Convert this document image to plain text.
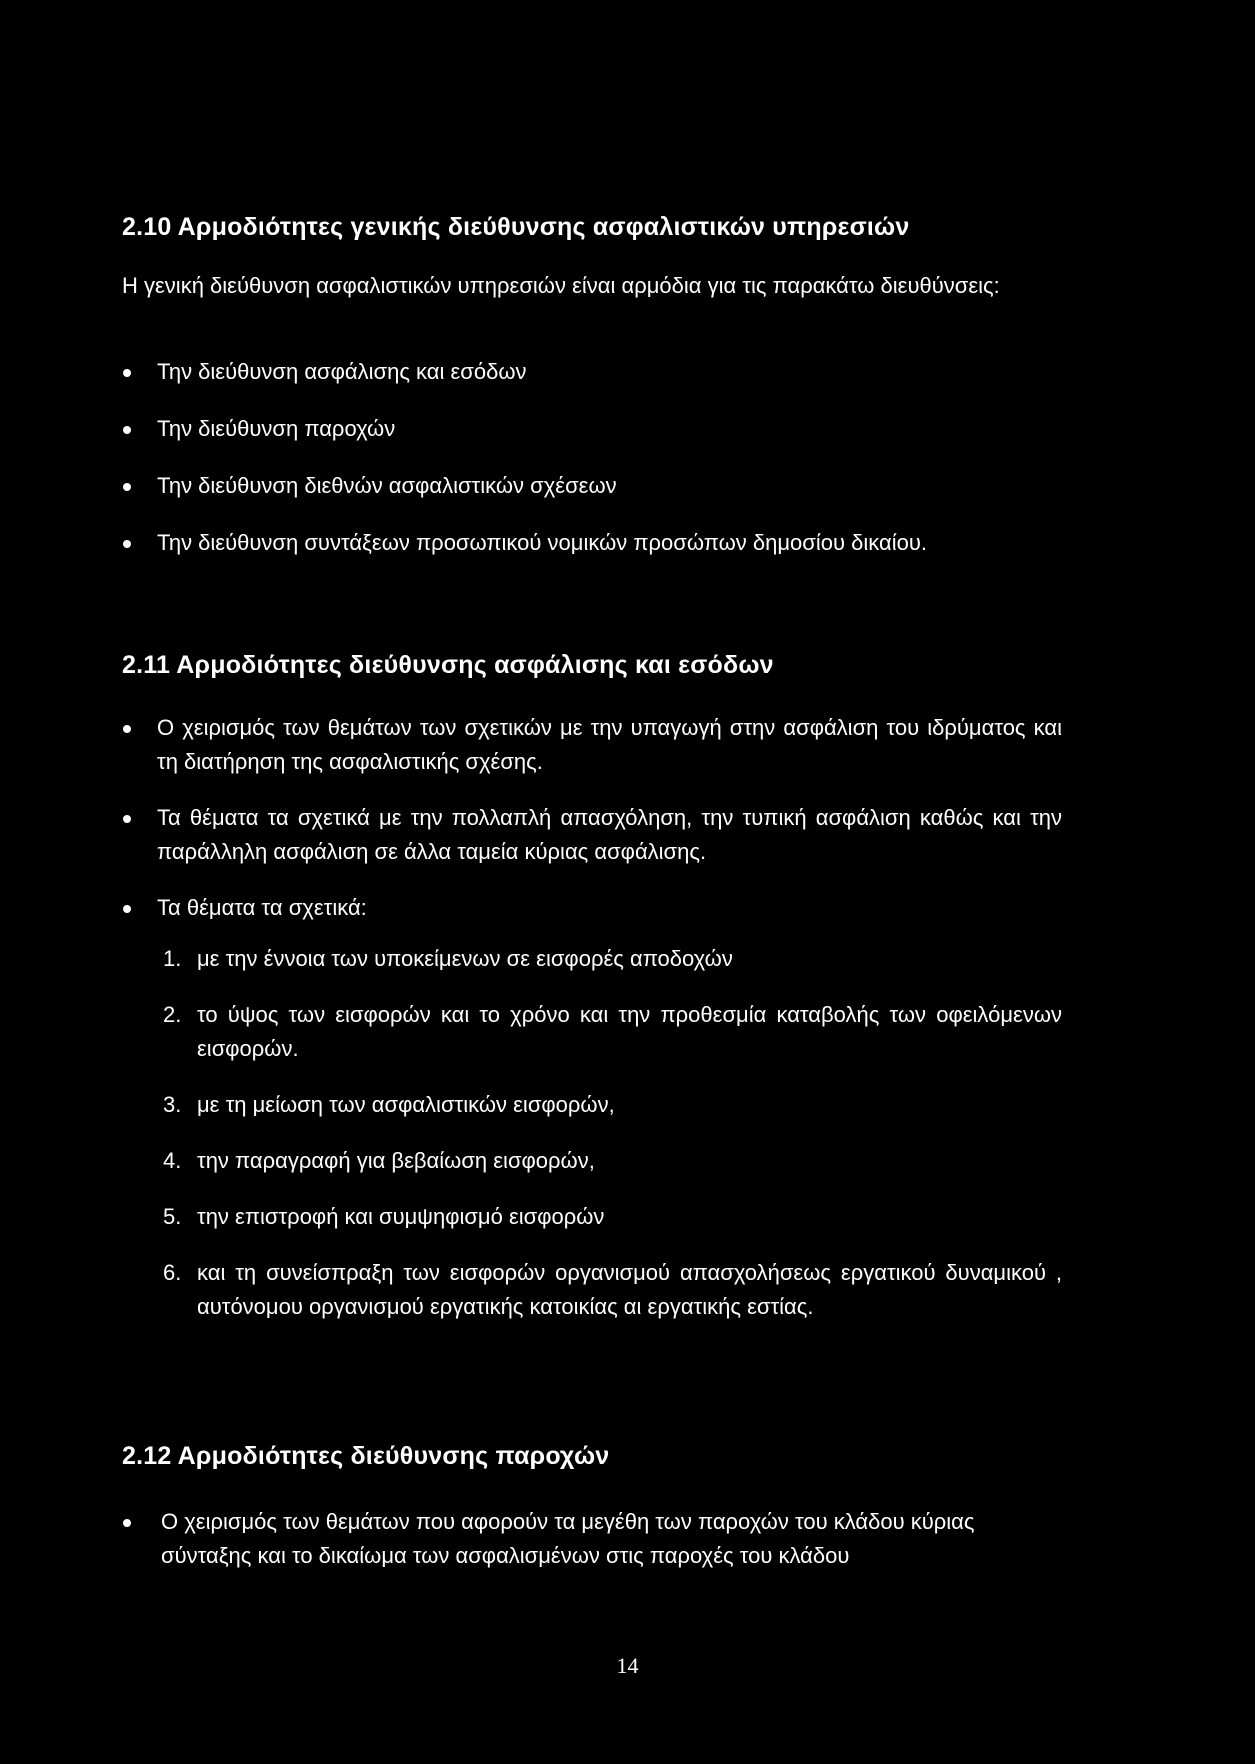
2.10 Αρμοδιότητες γενικής διεύθυνσης ασφαλιστικών υπηρεσιών
Η γενική διεύθυνση ασφαλιστικών υπηρεσιών είναι αρμόδια για τις παρακάτω διευθύνσεις:
Την διεύθυνση ασφάλισης και εσόδων
Την διεύθυνση παροχών
Την διεύθυνση διεθνών ασφαλιστικών σχέσεων
Την διεύθυνση συντάξεων προσωπικού νομικών προσώπων δημοσίου δικαίου.
2.11 Αρμοδιότητες διεύθυνσης ασφάλισης και εσόδων
Ο χειρισμός των θεμάτων των σχετικών με την υπαγωγή στην ασφάλιση του ιδρύματος και τη διατήρηση της ασφαλιστικής σχέσης.
Τα θέματα τα σχετικά με την πολλαπλή απασχόληση, την τυπική ασφάλιση καθώς και την παράλληλη ασφάλιση σε άλλα ταμεία κύριας ασφάλισης.
Τα θέματα τα σχετικά:
1. με την έννοια των υποκείμενων σε εισφορές αποδοχών
2. το ύψος των εισφορών και το χρόνο και την προθεσμία καταβολής των οφειλόμενων εισφορών.
3. με τη μείωση των ασφαλιστικών εισφορών,
4. την παραγραφή για βεβαίωση εισφορών,
5. την επιστροφή και συμψηφισμό εισφορών
6. και τη συνείσπραξη των εισφορών οργανισμού απασχολήσεως εργατικού δυναμικού , αυτόνομου οργανισμού εργατικής κατοικίας αι εργατικής εστίας.
2.12 Αρμοδιότητες διεύθυνσης παροχών
Ο χειρισμός των θεμάτων που αφορούν τα μεγέθη των παροχών του κλάδου κύριας σύνταξης και το δικαίωμα των ασφαλισμένων στις παροχές του κλάδου
14
